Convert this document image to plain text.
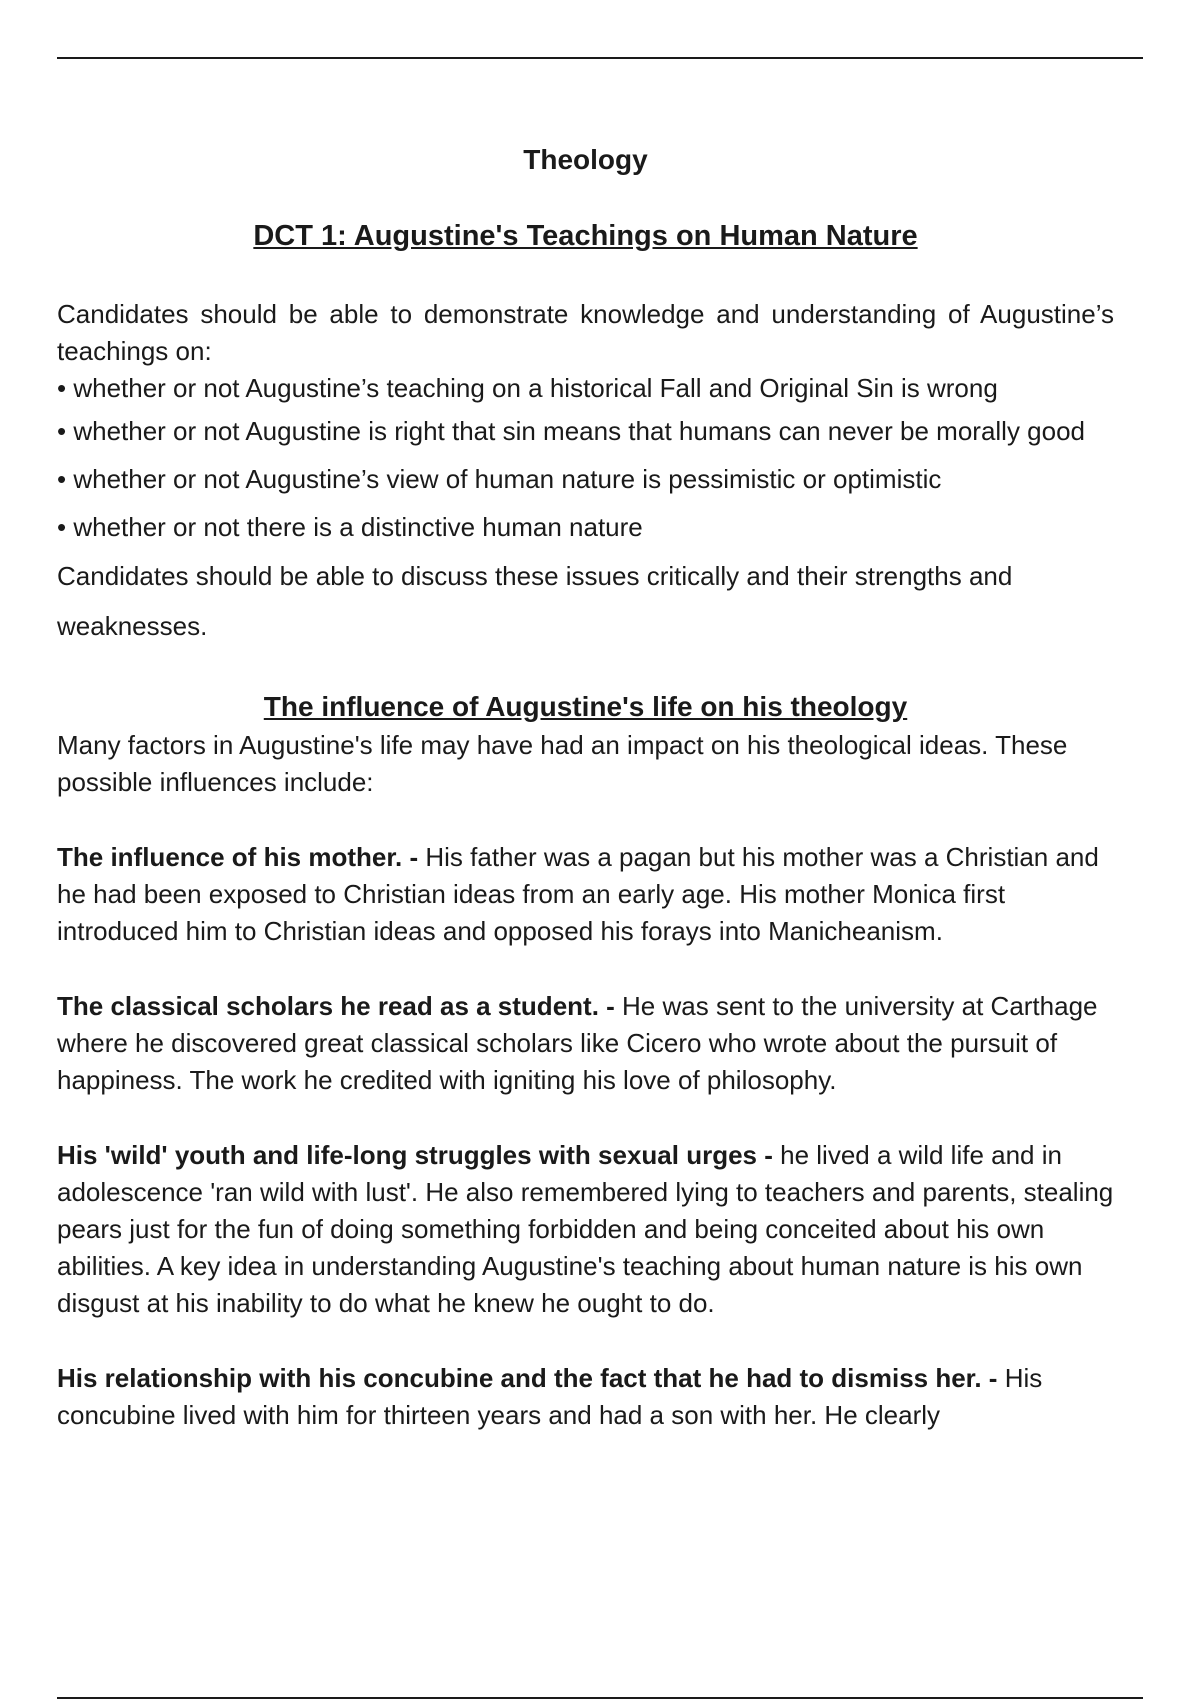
Theology

DCT 1: Augustine's Teachings on Human Nature

Candidates should be able to demonstrate knowledge and understanding of Augustine’s teachings on:

• whether or not Augustine’s teaching on a historical Fall and Original Sin is wrong

• whether or not Augustine is right that sin means that humans can never be morally good

• whether or not Augustine’s view of human nature is pessimistic or optimistic

• whether or not there is a distinctive human nature

Candidates should be able to discuss these issues critically and their strengths and weaknesses.

The influence of Augustine's life on his theology

Many factors in Augustine's life may have had an impact on his theological ideas. These possible influences include:

The influence of his mother. - His father was a pagan but his mother was a Christian and he had been exposed to Christian ideas from an early age. His mother Monica first introduced him to Christian ideas and opposed his forays into Manicheanism.

The classical scholars he read as a student. - He was sent to the university at Carthage where he discovered great classical scholars like Cicero who wrote about the pursuit of happiness. The work he credited with igniting his love of philosophy.

His 'wild' youth and life-long struggles with sexual urges - he lived a wild life and in adolescence 'ran wild with lust'. He also remembered lying to teachers and parents, stealing pears just for the fun of doing something forbidden and being conceited about his own abilities. A key idea in understanding Augustine's teaching about human nature is his own disgust at his inability to do what he knew he ought to do.

His relationship with his concubine and the fact that he had to dismiss her. - His concubine lived with him for thirteen years and had a son with her. He clearly
